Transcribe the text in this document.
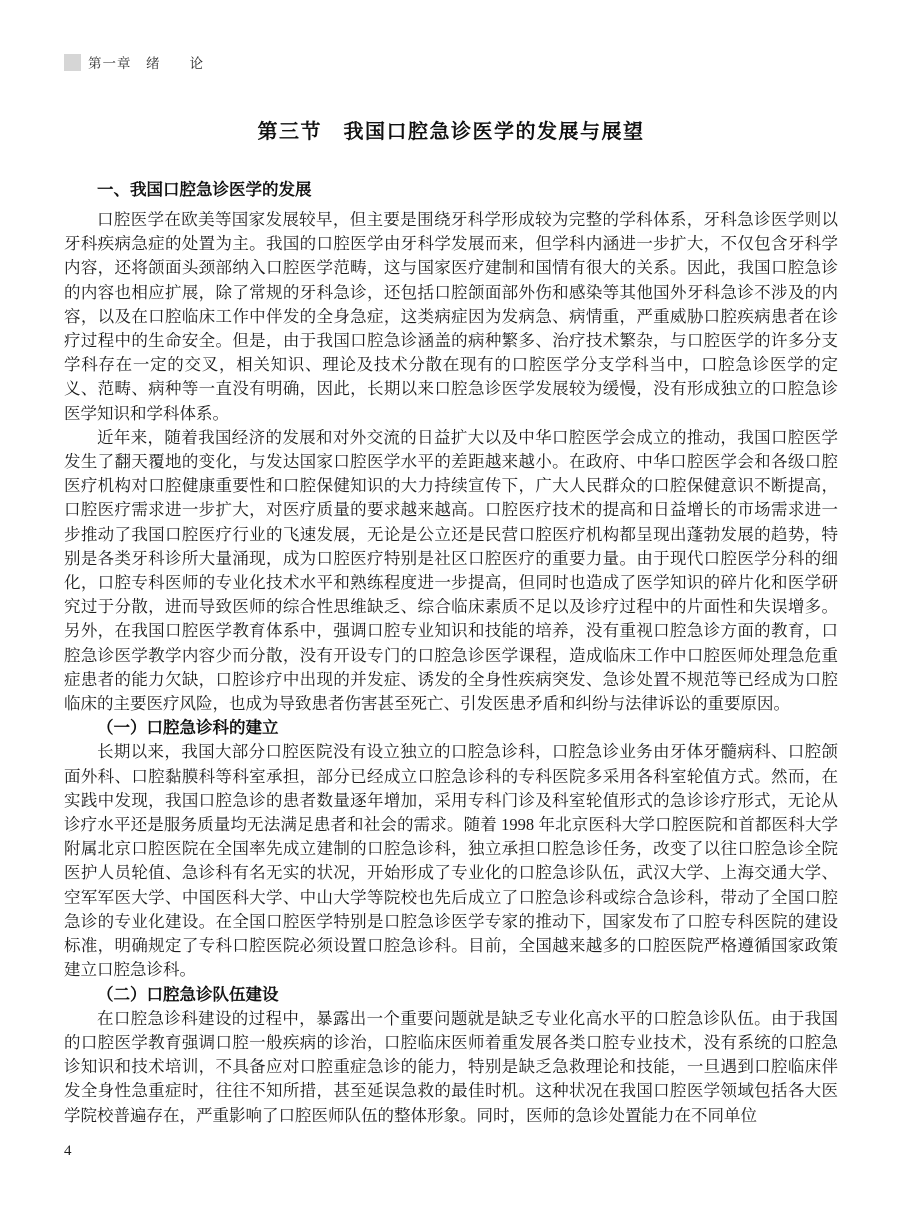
第一章　绪　　论
第三节　我国口腔急诊医学的发展与展望
一、我国口腔急诊医学的发展

口腔医学在欧美等国家发展较早，但主要是围绕牙科学形成较为完整的学科体系，牙科急诊医学则以牙科疾病急症的处置为主。我国的口腔医学由牙科学发展而来，但学科内涵进一步扩大，不仅包含牙科学内容，还将颌面头颈部纳入口腔医学范畴，这与国家医疗建制和国情有很大的关系。因此，我国口腔急诊的内容也相应扩展，除了常规的牙科急诊，还包括口腔颌面部外伤和感染等其他国外牙科急诊不涉及的内容，以及在口腔临床工作中伴发的全身急症，这类病症因为发病急、病情重，严重威胁口腔疾病患者在诊疗过程中的生命安全。但是，由于我国口腔急诊涵盖的病种繁多、治疗技术繁杂，与口腔医学的许多分支学科存在一定的交叉，相关知识、理论及技术分散在现有的口腔医学分支学科当中，口腔急诊医学的定义、范畴、病种等一直没有明确，因此，长期以来口腔急诊医学发展较为缓慢，没有形成独立的口腔急诊医学知识和学科体系。

近年来，随着我国经济的发展和对外交流的日益扩大以及中华口腔医学会成立的推动，我国口腔医学发生了翻天覆地的变化，与发达国家口腔医学水平的差距越来越小。在政府、中华口腔医学会和各级口腔医疗机构对口腔健康重要性和口腔保健知识的大力持续宣传下，广大人民群众的口腔保健意识不断提高，口腔医疗需求进一步扩大，对医疗质量的要求越来越高。口腔医疗技术的提高和日益增长的市场需求进一步推动了我国口腔医疗行业的飞速发展，无论是公立还是民营口腔医疗机构都呈现出蓬勃发展的趋势，特别是各类牙科诊所大量涌现，成为口腔医疗特别是社区口腔医疗的重要力量。由于现代口腔医学分科的细化，口腔专科医师的专业化技术水平和熟练程度进一步提高，但同时也造成了医学知识的碎片化和医学研究过于分散，进而导致医师的综合性思维缺乏、综合临床素质不足以及诊疗过程中的片面性和失误增多。另外，在我国口腔医学教育体系中，强调口腔专业知识和技能的培养，没有重视口腔急诊方面的教育，口腔急诊医学教学内容少而分散，没有开设专门的口腔急诊医学课程，造成临床工作中口腔医师处理急危重症患者的能力欠缺，口腔诊疗中出现的并发症、诱发的全身性疾病突发、急诊处置不规范等已经成为口腔临床的主要医疗风险，也成为导致患者伤害甚至死亡、引发医患矛盾和纠纷与法律诉讼的重要原因。

（一）口腔急诊科的建立

长期以来，我国大部分口腔医院没有设立独立的口腔急诊科，口腔急诊业务由牙体牙髓病科、口腔颌面外科、口腔黏膜科等科室承担，部分已经成立口腔急诊科的专科医院多采用各科室轮值方式。然而，在实践中发现，我国口腔急诊的患者数量逐年增加，采用专科门诊及科室轮值形式的急诊诊疗形式，无论从诊疗水平还是服务质量均无法满足患者和社会的需求。随着 1998 年北京医科大学口腔医院和首都医科大学附属北京口腔医院在全国率先成立建制的口腔急诊科，独立承担口腔急诊任务，改变了以往口腔急诊全院医护人员轮值、急诊科有名无实的状况，开始形成了专业化的口腔急诊队伍，武汉大学、上海交通大学、空军军医大学、中国医科大学、中山大学等院校也先后成立了口腔急诊科或综合急诊科，带动了全国口腔急诊的专业化建设。在全国口腔医学特别是口腔急诊医学专家的推动下，国家发布了口腔专科医院的建设标准，明确规定了专科口腔医院必须设置口腔急诊科。目前，全国越来越多的口腔医院严格遵循国家政策建立口腔急诊科。

（二）口腔急诊队伍建设

在口腔急诊科建设的过程中，暴露出一个重要问题就是缺乏专业化高水平的口腔急诊队伍。由于我国的口腔医学教育强调口腔一般疾病的诊治，口腔临床医师着重发展各类口腔专业技术，没有系统的口腔急诊知识和技术培训，不具备应对口腔重症急诊的能力，特别是缺乏急救理论和技能，一旦遇到口腔临床伴发全身性急重症时，往往不知所措，甚至延误急救的最佳时机。这种状况在我国口腔医学领域包括各大医学院校普遍存在，严重影响了口腔医师队伍的整体形象。同时，医师的急诊处置能力在不同单位

4
